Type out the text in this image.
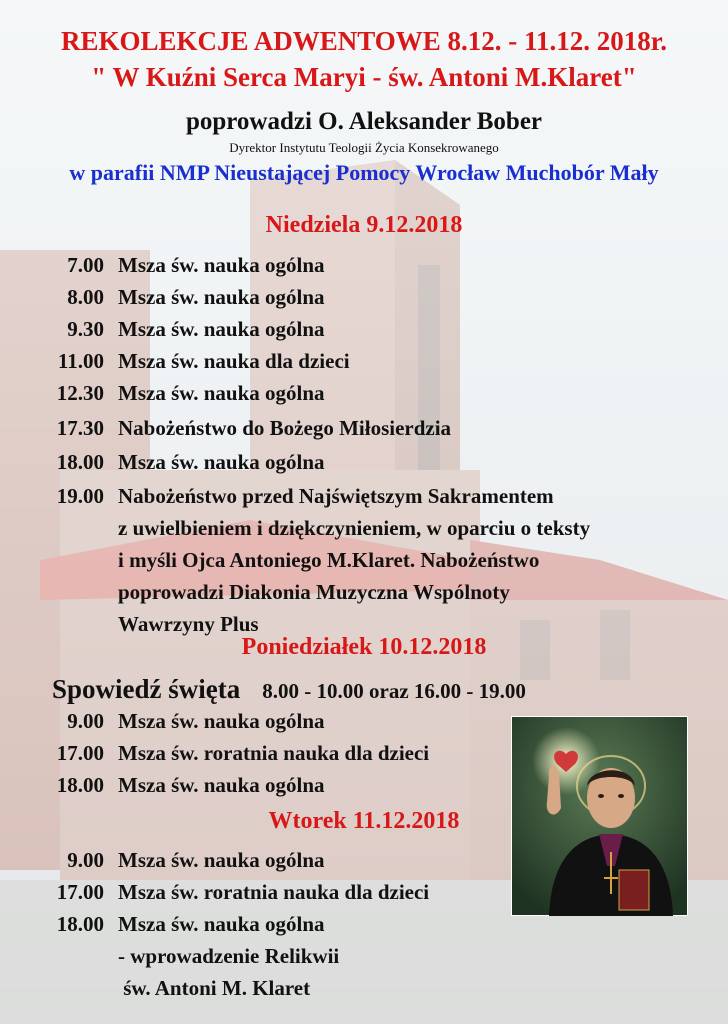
REKOLEKCJE ADWENTOWE 8.12. - 11.12. 2018r.
" W Kuźni Serca Maryi - św. Antoni M.Klaret"
poprowadzi O. Aleksander Bober
Dyrektor Instytutu Teologii Życia Konsekrowanego
w parafii NMP Nieustającej Pomocy Wrocław Muchobór Mały
Niedziela 9.12.2018
7.00 Msza św. nauka ogólna
8.00 Msza św. nauka ogólna
9.30 Msza św. nauka ogólna
11.00 Msza św. nauka dla dzieci
12.30 Msza św. nauka ogólna
17.30 Nabożeństwo do Bożego Miłosierdzia
18.00 Msza św. nauka ogólna
19.00 Nabożeństwo przed Najświętszym Sakramentem
z uwielbieniem i dziękczynieniem, w oparciu o teksty
i myśli Ojca Antoniego M.Klaret. Nabożeństwo
poprowadzi Diakonia Muzyczna Wspólnoty
Wawrzyny Plus
Poniedziałek 10.12.2018
Spowiedź święta 8.00 - 10.00 oraz 16.00 - 19.00
9.00 Msza św. nauka ogólna
17.00 Msza św. roratnia nauka dla dzieci
18.00 Msza św. nauka ogólna
Wtorek 11.12.2018
9.00 Msza św. nauka ogólna
17.00 Msza św. roratnia nauka dla dzieci
18.00 Msza św. nauka ogólna
- wprowadzenie Relikwii
św. Antoni M. Klaret
